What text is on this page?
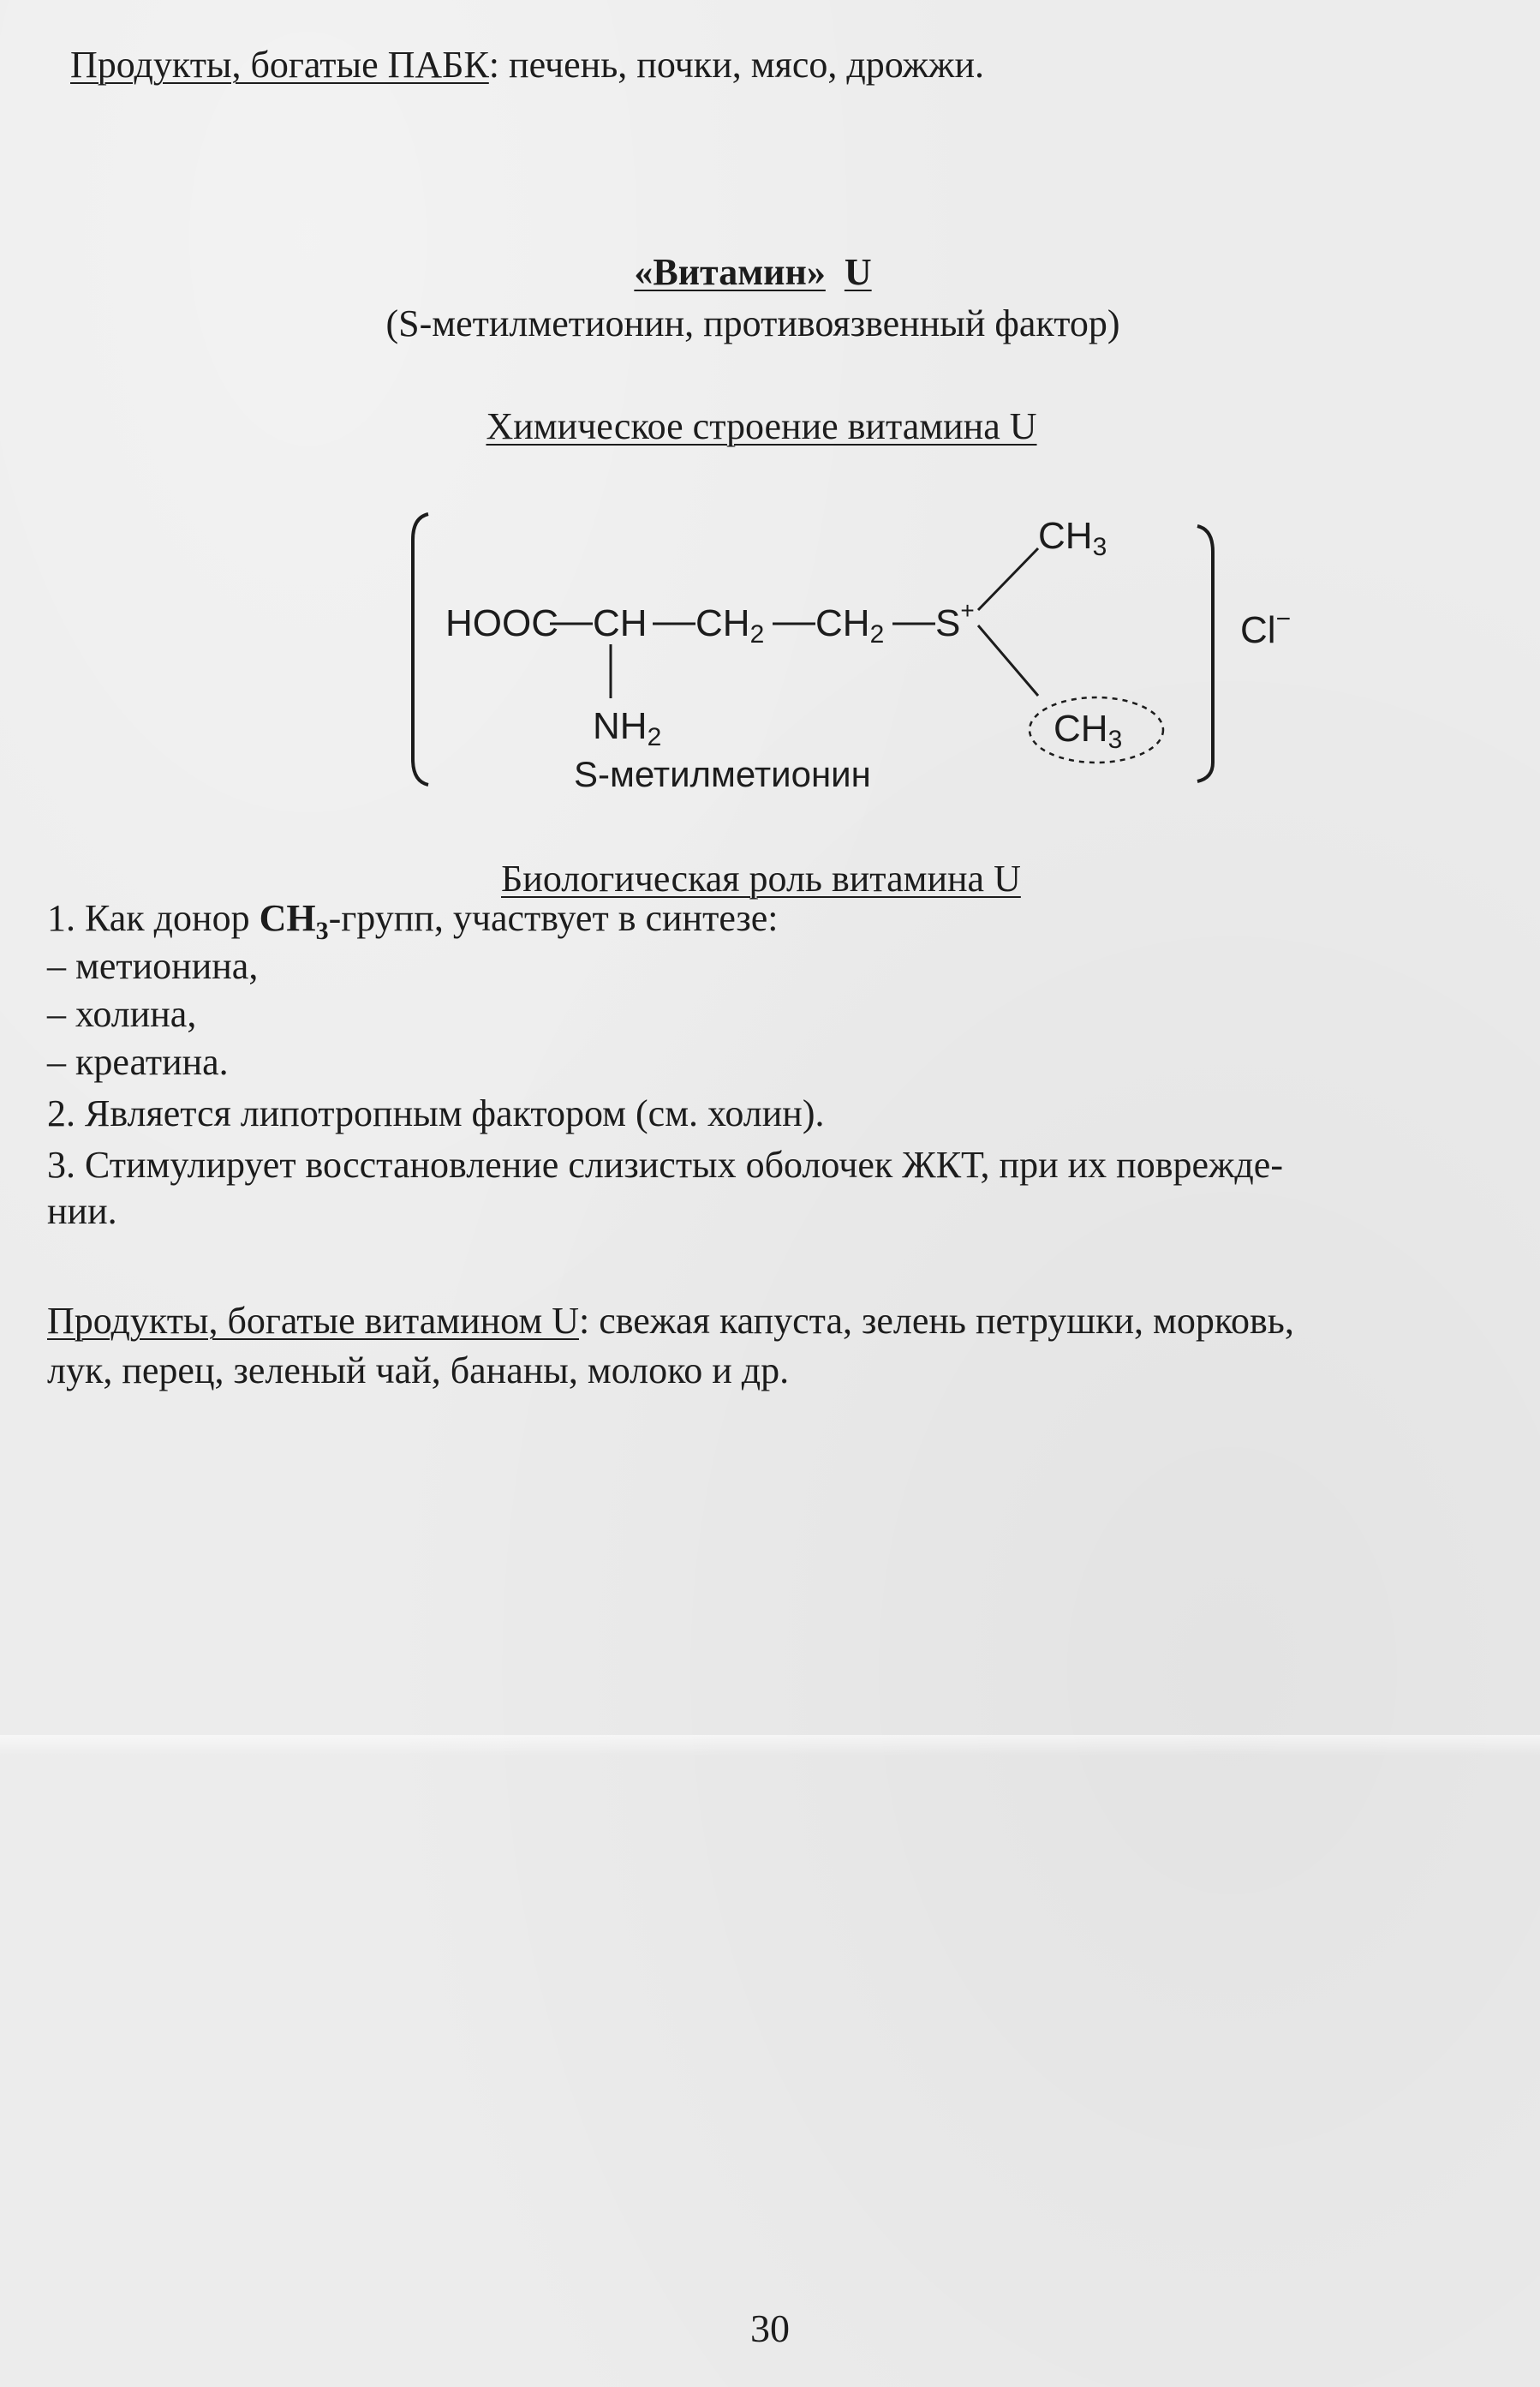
Продукты, богатые ПАБК: печень, почки, мясо, дрожжи.
«Витамин» U
(S-метилметионин, противоязвенный фактор)
Химическое строение витамина U
HOOC CH CH2 CH2 S+
NH2
CH3
CH3
Cl−
S-метилметионин
Биологическая роль витамина U
1. Как донор $CH_3$-групп, участвует в синтезе:
– метионина,
– холина,
– креатина.
2. Является липотропным фактором (см. холин).
3. Стимулирует восстановление слизистых оболочек ЖКТ, при их поврежде-
нии.
Продукты, богатые витамином U: свежая капуста, зелень петрушки, морковь,
лук, перец, зеленый чай, бананы, молоко и др.
30
